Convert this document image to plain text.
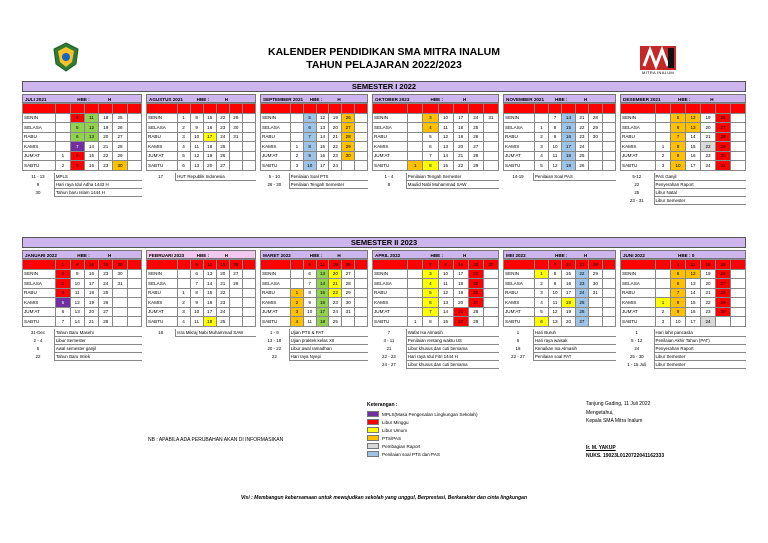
KALENDER PENDIDIKAN SMA MITRA INALUM
TAHUN PELAJARAN 2022/2023
MITRA INALUM
SEMESTER I 2022
SEMESTER II 2023
JULI 2021	HBE :	H
MINGGU						
SENIN		4	11	18	25	
SELASA		5	12	19	26	
RABU		6	13	20	27	
KAMIS		7	14	21	28	
JUM'AT	1	8	15	22	29	
SABTU	2	9	16	23	30	
11 - 13	MPLS
9	Hari raya Idul Adha 1443 H
30	Tahun baru Islam 1444 H
AGUSTUS 2021	HBE :	H
MINGGU						
SENIN	1	8	15	22	29	
SELASA	2	9	16	23	30	
RABU	3	10	17	24	31	
KAMIS	4	11	18	25		
JUM'AT	5	12	19	26		
SABTU	6	13	20	27		
17	HUT Republik Indonesia
SEPTEMBER 2021 HBE :	H
MINGGU						
SENIN		5	12	19	26	
SELASA		6	13	20	27	
RABU		7	14	21	28	
KAMIS	1	8	15	22	29	
JUM'AT	2	9	16	23	30	
SABTU	3	10	17	24		
5 - 10	Penilaian Soal PTS
26 - 30	Penilaian Tengah Semester
OKTOBER 2023	HBE :	H
MINGGU						
SENIN		3	10	17	24	31
SELASA		4	11	18	25	
RABU		5	12	19	26	
KAMIS		6	13	20	27	
JUM'AT		7	14	21	28	
SABTU	1	8	15	22	29	
1 - 4	Penilaian Tengah Semester
8	Maulid Nabi Muhammad SAW
NOVEMBER 2021 HBE :	H
MINGGU						
SENIN		7	14	21	28	
SELASA	1	8	15	22	29	
RABU	2	9	16	23	30	
KAMIS	3	10	17	24		
JUM'AT	4	11	18	25		
SABTU	5	12	19	26		
14-19	Penilaian Soal PAS
DESEMBER 2021	HBE :	H
MINGGU						
SENIN		5	12	19	26	
SELASA		6	13	20	27	
RABU		7	14	21	28	
KAMIS	1	8	15	22	29	
JUM'AT	2	9	16	23	30	
SABTU	3	10	17	24	31	
5-12	PAS Ganjil
22	Penyerahan Raport
25	Libur Natal
23 - 31	Libur Semester
JANUARI 2022	HBE :	H
MINGGU	1	8	15	22	29	
SENIN	2	9	16	23	30	
SELASA	3	10	17	24	31	
RABU	4	11	18	25		
KAMIS	5	12	19	26		
JUM'AT	6	13	20	27		
SABTU	7	14	21	28		
31-Dec	Tahun Baru Masehi
2 - 4	Libur Semester
5	Awal semester ganjil
22	Tahun Baru Imlek
FEBRUARI 2023	HBE :	H
MINGGU		5	12	19	26	
SENIN		6	13	20	27	
SELASA		7	14	21	28	
RABU	1	8	15	22		
KAMIS	2	9	16	23		
JUM'AT	3	10	17	24		
SABTU	4	11	18	25		
18	Isra Mikraj Nabi Muhammad SAW
MARET 2022	HBE :	H
MINGGU		5	12	19	26	
SENIN		6	13	20	27	
SELASA		7	14	21	28	
RABU	1	8	15	22	29	
KAMIS	2	9	16	23	30	
JUM'AT	3	10	17	24	31	
SABTU	4	11	18	25		
1 - 9	Ujian PTS & PAT
13 - 18	Ujian praktek kelas XII
20 - 22	Libur awal ramadhan
22	Hari raya Nyepi
APRIL 2022	HBE :	H
MINGGU		2	9	16	23	30
SENIN		3	10	17	24	
SELASA		4	11	18	25	
RABU		5	12	19	26	
KAMIS		6	13	20	27	
JUM'AT		7	14	21	28	
SABTU	1	8	15	22	29	
7	Wafat Isa Almasih
3 - 11	Penilaian rentang waktu US
21	Libur khusus dan cuti bersama
22 - 23	Hari raya Idul Fitri 1444 H
24 - 27	Libur khusus dan cuti bersama
MEI 2022	HBE :	H
MINGGU		7	14	21	28	
SENIN	1	8	15	22	29	
SELASA	2	9	16	23	30	
RABU	3	10	17	24	31	
KAMIS	4	11	18	25		
JUM'AT	5	12	19	26		
SABTU	6	13	20	27		
1	Hari Buruh
6	Hari raya waisak
18	Kenaikan Isa Almasih
22 - 27	Penilaian soal PAT
JUNI 2022	HBE : 0
MINGGU		4	11	18	25	
SENIN		5	12	19	26	
SELASA		6	13	20	27	
RABU		7	14	21	28	
KAMIS	1	8	15	22	29	
JUM'AT	2	9	16	23	30	
SABTU	3	10	17	24		
1	Hari lahir pancasila
5 - 12	Penilaian Akhir Tahun (PAT)
24	Penyerahan Raport
25 - 30	Libur Semester
1 - 15 Juli	Libur Semester
Keterangan :
MPLS(Masa Pengenalan Lingkungan Sekolah)
Libur Minggu
Libur Umum
PTS/PAS
Pembagian Raport
Penilaian soal PTS dan PAS
NB : APABILA ADA PERUBAHAN AKAN DI INFORMASIKAN
Tanjung Gading, 11 Juli 2022
Mengetahui,
Kepala SMA Mitra Inalum
Ir. M. YAKUP
NUKS. 19023L0120722041162333
Visi : Membangun kebersamaan untuk mewujudkan sekolah yang unggul, Berprestasi, Berkarakter dan cinta lingkungan
